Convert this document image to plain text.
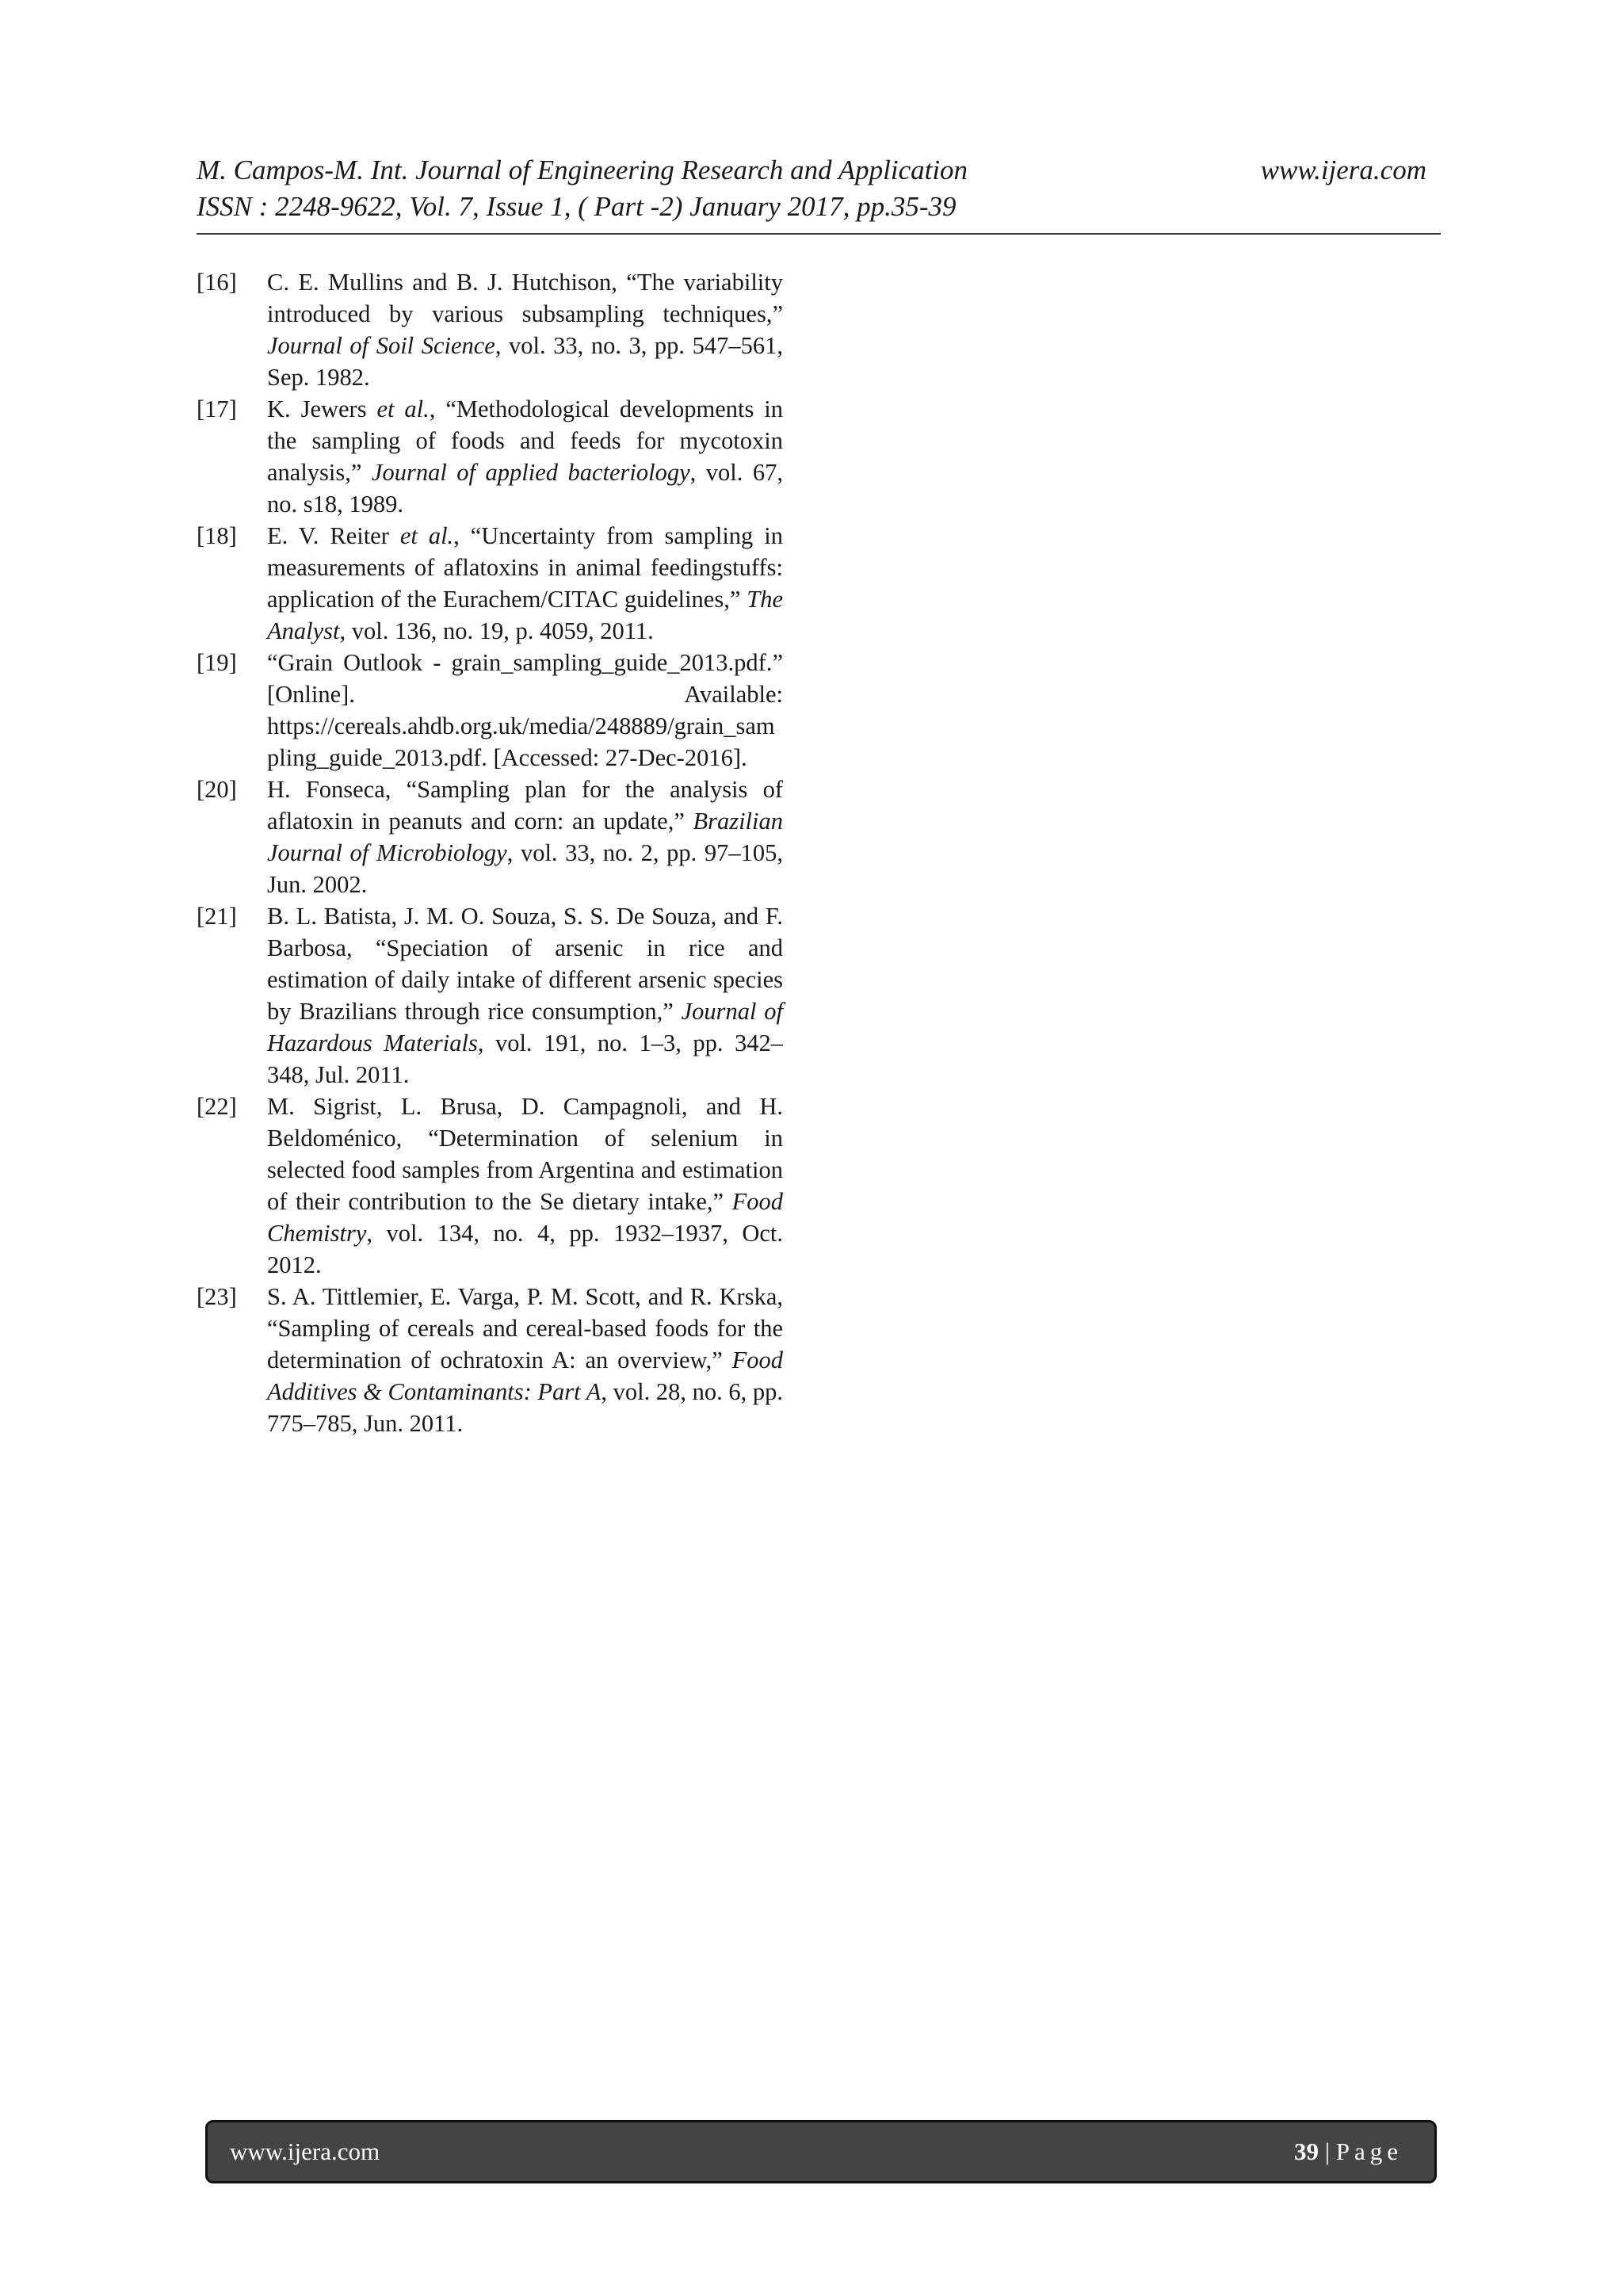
M. Campos-M. Int. Journal of Engineering Research and Application	www.ijera.com
ISSN : 2248-9622, Vol. 7, Issue 1, ( Part -2) January 2017, pp.35-39
[16]	C. E. Mullins and B. J. Hutchison, “The variability introduced by various subsampling techniques,” Journal of Soil Science, vol. 33, no. 3, pp. 547–561, Sep. 1982.
[17]	K. Jewers et al., “Methodological developments in the sampling of foods and feeds for mycotoxin analysis,” Journal of applied bacteriology, vol. 67, no. s18, 1989.
[18]	E. V. Reiter et al., “Uncertainty from sampling in measurements of aflatoxins in animal feedingstuffs: application of the Eurachem/CITAC guidelines,” The Analyst, vol. 136, no. 19, p. 4059, 2011.
[19]	“Grain Outlook - grain_sampling_guide_2013.pdf.” [Online]. Available: https://cereals.ahdb.org.uk/media/248889/grain_sampling_guide_2013.pdf. [Accessed: 27-Dec-2016].
[20]	H. Fonseca, “Sampling plan for the analysis of aflatoxin in peanuts and corn: an update,” Brazilian Journal of Microbiology, vol. 33, no. 2, pp. 97–105, Jun. 2002.
[21]	B. L. Batista, J. M. O. Souza, S. S. De Souza, and F. Barbosa, “Speciation of arsenic in rice and estimation of daily intake of different arsenic species by Brazilians through rice consumption,” Journal of Hazardous Materials, vol. 191, no. 1–3, pp. 342–348, Jul. 2011.
[22]	M. Sigrist, L. Brusa, D. Campagnoli, and H. Beldoménico, “Determination of selenium in selected food samples from Argentina and estimation of their contribution to the Se dietary intake,” Food Chemistry, vol. 134, no. 4, pp. 1932–1937, Oct. 2012.
[23]	S. A. Tittlemier, E. Varga, P. M. Scott, and R. Krska, “Sampling of cereals and cereal-based foods for the determination of ochratoxin A: an overview,” Food Additives & Contaminants: Part A, vol. 28, no. 6, pp. 775–785, Jun. 2011.
www.ijera.com	39 | Page
